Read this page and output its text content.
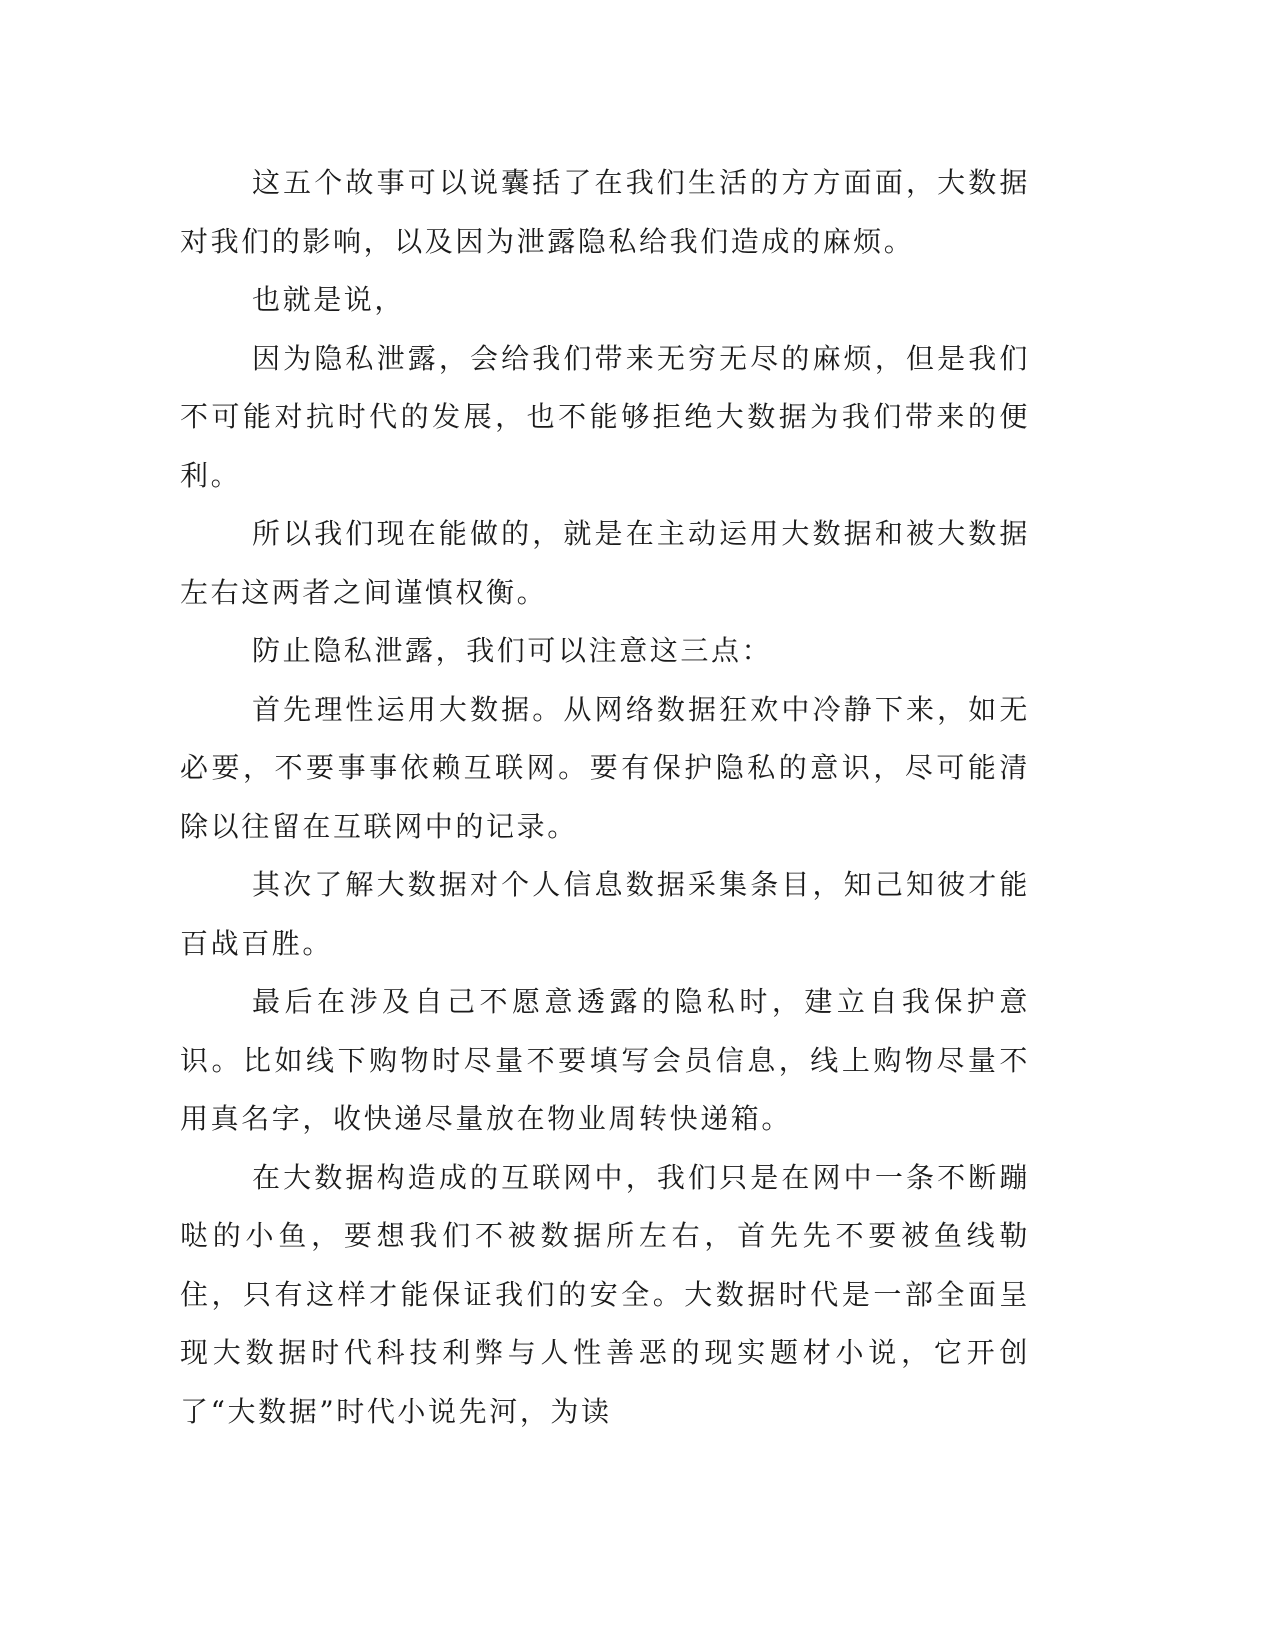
这五个故事可以说囊括了在我们生活的方方面面，大数据对我们的影响，以及因为泄露隐私给我们造成的麻烦。

也就是说，

因为隐私泄露，会给我们带来无穷无尽的麻烦，但是我们不可能对抗时代的发展，也不能够拒绝大数据为我们带来的便利。

所以我们现在能做的，就是在主动运用大数据和被大数据左右这两者之间谨慎权衡。

防止隐私泄露，我们可以注意这三点：

首先理性运用大数据。从网络数据狂欢中冷静下来，如无必要，不要事事依赖互联网。要有保护隐私的意识，尽可能清除以往留在互联网中的记录。

其次了解大数据对个人信息数据采集条目，知己知彼才能百战百胜。

最后在涉及自己不愿意透露的隐私时，建立自我保护意识。比如线下购物时尽量不要填写会员信息，线上购物尽量不用真名字，收快递尽量放在物业周转快递箱。

在大数据构造成的互联网中，我们只是在网中一条不断蹦哒的小鱼，要想我们不被数据所左右，首先先不要被鱼线勒住，只有这样才能保证我们的安全。大数据时代是一部全面呈现大数据时代科技利弊与人性善恶的现实题材小说，它开创了“大数据”时代小说先河，为读
